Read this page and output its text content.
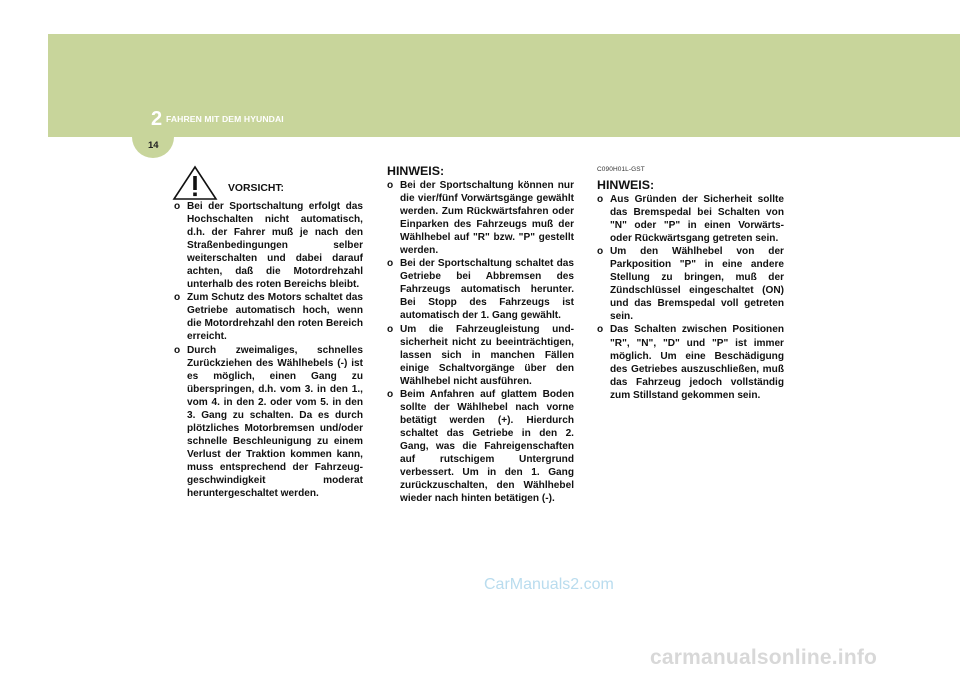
2 FAHREN MIT DEM HYUNDAI
14
VORSICHT:
o Bei der Sportschaltung erfolgt das Hochschalten nicht automatisch, d.h. der Fahrer muß je nach den Straßenbedingungen selber weiterschalten und dabei darauf achten, daß die Motordrehzahl unterhalb des roten Bereichs bleibt.
o Zum Schutz des Motors schaltet das Getriebe automatisch hoch, wenn die Motordrehzahl den roten Bereich erreicht.
o Durch zweimaliges, schnelles Zurückziehen des Wählhebels (-) ist es möglich, einen Gang zu überspringen, d.h. vom 3. in den 1., vom 4. in den 2. oder vom 5. in den 3. Gang zu schalten. Da es durch plötzliches Motorbremsen und/oder schnelle Beschleunigung zu einem Verlust der Traktion kommen kann, muss entsprechend der Fahrzeug-geschwindigkeit moderat heruntergeschaltet werden.
HINWEIS:
o Bei der Sportschaltung können nur die vier/fünf Vorwärtsgänge gewählt werden. Zum Rückwärtsfahren oder Einparken des Fahrzeugs muß der Wählhebel auf "R" bzw. "P" gestellt werden.
o Bei der Sportschaltung schaltet das Getriebe bei Abbremsen des Fahrzeugs automatisch herunter. Bei Stopp des Fahrzeugs ist automatisch der 1. Gang gewählt.
o Um die Fahrzeugleistung und-sicherheit nicht zu beeinträchtigen, lassen sich in manchen Fällen einige Schaltvorgänge über den Wählhebel nicht ausführen.
o Beim Anfahren auf glattem Boden sollte der Wählhebel nach vorne betätigt werden (+). Hierdurch schaltet das Getriebe in den 2. Gang, was die Fahreigenschaften auf rutschigem Untergrund verbessert. Um in den 1. Gang zurückzuschalten, den Wählhebel wieder nach hinten betätigen (-).
C090H01L-GST
HINWEIS:
o Aus Gründen der Sicherheit sollte das Bremspedal bei Schalten von "N" oder "P" in einen Vorwärts- oder Rückwärtsgang getreten sein.
o Um den Wählhebel von der Parkposition "P" in eine andere Stellung zu bringen, muß der Zündschlüssel eingeschaltet (ON) und das Bremspedal voll getreten sein.
o Das Schalten zwischen Positionen "R", "N", "D" und "P" ist immer möglich. Um eine Beschädigung des Getriebes auszuschließen, muß das Fahrzeug jedoch vollständig zum Stillstand gekommen sein.
CarManuals2.com
carmanualsonline.info
